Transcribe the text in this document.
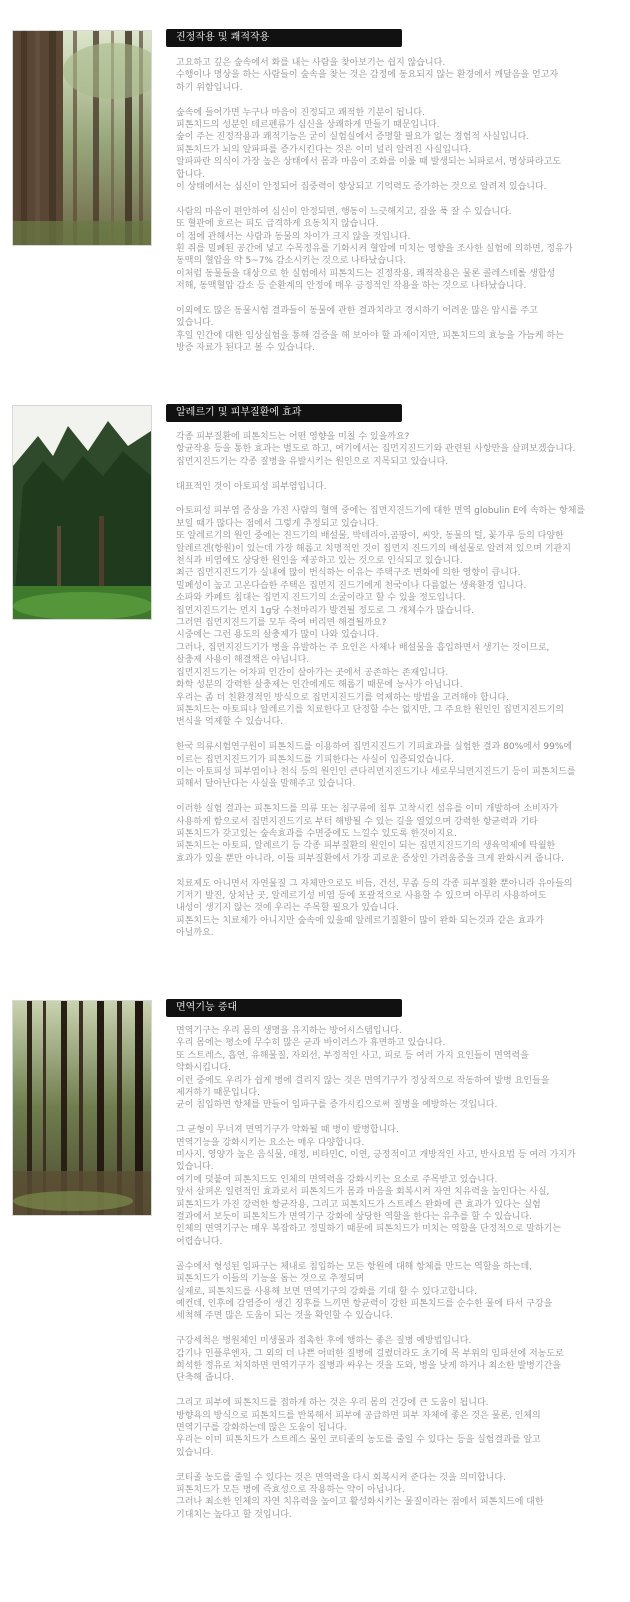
진정작용 및 쾌적작용
고요하고 깊은 숲속에서 화를 내는 사람을 찾아보기는 쉽지 않습니다.
수행이나 명상을 하는 사람들이 숲속을 찾는 것은 감정에 동요되지 않는 환경에서 깨달음을 얻고자
하기 위함입니다.
숲속에 들어가면 누구나 마음이 진정되고 쾌적한 기분이 됩니다.
피톤치드의 성분인 테르펜류가 심신을 상쾌하게 만들기 때문입니다.
숲이 주는 진정작용과 쾌적기능은 굳이 실험실에서 증명할 필요가 없는 경험적 사실입니다.
피톤치드가 뇌의 알파파를 증가시킨다는 것은 이미 널리 알려진 사실입니다.
알파파란 의식이 가장 높은 상태에서 몸과 마음이 조화를 이룰 때 발생되는 뇌파로서, 명상파라고도
합니다.
이 상태에서는 심신이 안정되어 집중력이 향상되고 기억력도 증가하는 것으로 알려져 있습니다.
사람의 마음이 편안하여 심신이 안정되면, 행동이 느긋해지고, 잠을 푹 잘 수 있습니다.
또 혈관에 흐르는 피도 급격하게 요동치지 않습니다.
이 점에 관해서는 사람과 동물의 차이가 크지 않을 것입니다.
흰 쥐를 밀폐된 공간에 넣고 수목정유를 기화시켜 혈압에 미치는 영향을 조사한 실험에 의하면, 정유가
동맥의 혈압을 약 5~7% 감소시키는 것으로 나타났습니다.
이처럼 동물들을 대상으로 한 실험에서 피톤치드는 진정작용, 쾌적작용은 물론 콜레스테롤 생합성
저해, 동맥혈압 감소 등 순환계의 안정에 매우 긍정적인 작용을 하는 것으로 나타났습니다.
이외에도 많은 동물시험 결과들이 동물에 관한 결과치라고 경시하기 어려운 많은 암시를 주고
있습니다.
후일 인간에 대한 임상실험을 통해 검증을 해 보아야 할 과제이지만, 피톤치드의 효능을 가늠케 하는
방증 자료가 된다고 볼 수 있습니다.
알레르기 및 피부질환에 효과
각종 피부질환에 피톤치드는 어떤 영향을 미칠 수 있을까요?
항균작용 등을 통한 효과는 별도로 하고, 여기에서는 집먼지진드기와 관련된 사항만을 살펴보겠습니다.
집먼지진드기는 각종 질병을 유발시키는 원인으로 지목되고 있습니다.
대표적인 것이 아토피성 피부염입니다.
아토피성 피부염 증상을 가진 사람의 혈액 중에는 집먼지진드기에 대한 면역 globulin E에 속하는 항체를
보일 때가 많다는 점에서 그렇게 추정되고 있습니다.
또 알레르기의 원인 중에는 진드기의 배설물, 박테리아,곰팡이, 씨앗, 동물의 털, 꽃가루 등의 다양한
알레르겐(항원)이 있는데 가장 해롭고 치명적인 것이 집먼지 진드기의 배설물로 알려져 있으며 기관지
천식과 비염에도 상당한 원인을 제공하고 있는 것으로 인식되고 있습니다.
최근 집먼지진드기가 실내에 많이 번식하는 이유는 주택구조 변화에 의한 영향이 큽니다.
밀폐성이 높고 고온다습한 주택은 집먼지 진드기에게 천국이나 다름없는 생육환경 입니다.
소파와 카페트 침대는 집먼지 진드기의 소굴이라고 할 수 있을 정도입니다.
집먼지진드기는 먼지 1g당 수천마리가 발견될 정도로 그 개체수가 많습니다.
그러면 집먼지진드기를 모두 죽여 버리면 해결될까요?
시중에는 그런 용도의 살충제가 많이 나와 있습니다.
그러나, 집먼지진드기가 병을 유발하는 주 요인은 사체나 배설물을 흡입하면서 생기는 것이므로,
살충제 사용이 해결책은 아닙니다.
집먼지진드기는 어차피 인간이 살아가는 곳에서 공존하는 존재입니다.
화학 성분의 강력한 살충제는 인간에게도 해롭기 때문에 능사가 아닙니다.
우리는 좀 더 친환경적인 방식으로 집먼지진드기를 억제하는 방법을 고려해야 합니다.
피톤치드는 아토피나 알레르기를 치료한다고 단정할 수는 없지만, 그 주요한 원인인 집먼지진드기의
번식을 억제할 수 있습니다.
한국 의류시험연구원이 피톤치드를 이용하여 집먼지진드기 기피효과를 실험한 결과 80%에서 99%에
이르는 집먼지진드기가 피톤치드를 기피한다는 사실이 입증되었습니다.
이는 아토피성 피부염이나 천식 등의 원인인 큰다리먼지진드기나 세로무늬먼지진드기 등이 피톤치드를
피해서 달아난다는 사실을 말해주고 있습니다.
이러한 실험 결과는 피톤치드를 의류 또는 침구류에 침투 고착시킨 섬유를 이미 개발하여 소비자가
사용하게 함으로서 집먼지진드기로 부터 해방될 수 있는 길을 열었으며 강력한 항균력과 기타
피톤치드가 갖고있는 숲속효과를 수면중에도 느낄수 있도록 한것이지요.
피톤치드는 아토피, 알레르기 등 각종 피부질환의 원인이 되는 집먼지진드기의 생육억제에 탁월한
효과가 있을 뿐만 아니라, 이들 피부질환에서 가장 괴로운 증상인 가려움증을 크게 완화시켜 줍니다.
치료제도 아니면서 자연물질 그 자체만으로도 비듬, 건선, 무좀 등의 각종 피부질환 뿐아니라 유아들의
기저기 발진, 상처난 곳, 알레르기성 비염 등에 포괄적으로 사용할 수 있으며 아무리 사용하여도
내성이 생기지 않는 것에 우리는 주목할 필요가 있습니다.
피톤치드는 치료제가 아니지만 숲속에 있을때 알레르기질환이 많이 완화 되는것과 같은 효과가
아닐까요.
면역기능 증대
면역기구는 우리 몸의 생명을 유지하는 방어시스템입니다.
우리 몸에는 평소에 무수히 많은 균과 바이러스가 휴면하고 있습니다.
또 스트레스, 흡연, 유해물질, 자외선, 부정적인 사고, 피로 등 여러 가지 요인들이 면역력을
약화시킵니다.
이런 중에도 우리가 쉽게 병에 걸리지 않는 것은 면역기구가 정상적으로 작동하여 발병 요인들을
제거하기 때문입니다.
균이 침입하면 항체를 만들어 임파구를 증가시킴으로써 질병을 예방하는 것입니다.
그 균형이 무너져 면역기구가 약화될 때 병이 발병합니다.
면역기능을 강화시키는 요소는 매우 다양합니다.
미사지, 영양가 높은 음식물, 애정, 비타민C, 이연, 긍정적이고 개방적인 사고, 반사요법 등 여러 가지가
있습니다.
여기에 덧붙여 피톤치드도 인체의 면역력을 강화시키는 요소로 주목받고 있습니다.
앞서 살펴온 일련적인 효과로서 피톤치드가 몸과 마음을 회복시켜 자연 치유력을 높인다는 사실,
피톤치드가 가진 강력한 항균작용, 그리고 피톤치드가 스트레스 완화에 큰 효과가 있다는 실험
결과에서 보듯이 피톤치드가 면역기구 강화에 상당한 역할을 한다는 유추를 할 수 있습니다.
인체의 면역기구는 매우 복잡하고 정밀하기 때문에 피톤치드가 미치는 역할을 단정적으로 말하기는
어렵습니다.
골수에서 형성된 임파구는 체내로 침입하는 모든 항원에 대해 항체를 만드는 역할을 하는데,
피톤치드가 이들의 기능을 돕는 것으로 추정되며
실제로, 피톤치드를 사용해 보면 면역기구의 강화를 기대 할 수 있다고합니다.
예컨데, 인후에 감염증이 생긴 징후를 느끼면 항균력이 강한 피톤치드를 순수한 물에 타서 구강을
세척해 주면 많은 도움이 되는 것을 확인할 수 있습니다.
구강세척은 병원체인 미생물과 접촉한 후에 행하는 좋은 질병 예방법입니다.
감기나 인플루엔자, 그 외의 더 나쁜 어떠한 질병에 걸렸더라도 초기에 목 부위의 임파선에 저농도로
희석한 정유로 처치하면 면역기구가 질병과 싸우는 것을 도와, 병을 낫게 하거나 최소한 발병기간을
단축해 줍니다.
그리고 피부에 피톤치드를 접하게 하는 것은 우리 몸의 건강에 큰 도움이 됩니다.
방향욕의 방식으로 피톤치드를 반복해서 피부에 공급하면 피부 자체에 좋은 것은 물론, 인체의
면역기구를 강화하는데 많은 도움이 됩니다.
우리는 이미 피톤치드가 스트레스 물인 코티졸의 농도를 줄일 수 있다는 등을 실험결과를 알고
있습니다.
코티졸 농도를 줄일 수 있다는 것은 면역력을 다시 회복시켜 준다는 것을 의미합니다.
피톤치드가 모든 병에 즉효성으로 작용하는 약이 아닙니다.
그러나 최소한 인체의 자연 치유력을 높이고 활성화시키는 물질이라는 점에서 피톤치드에 대한
기대치는 높다고 할 것입니다.
